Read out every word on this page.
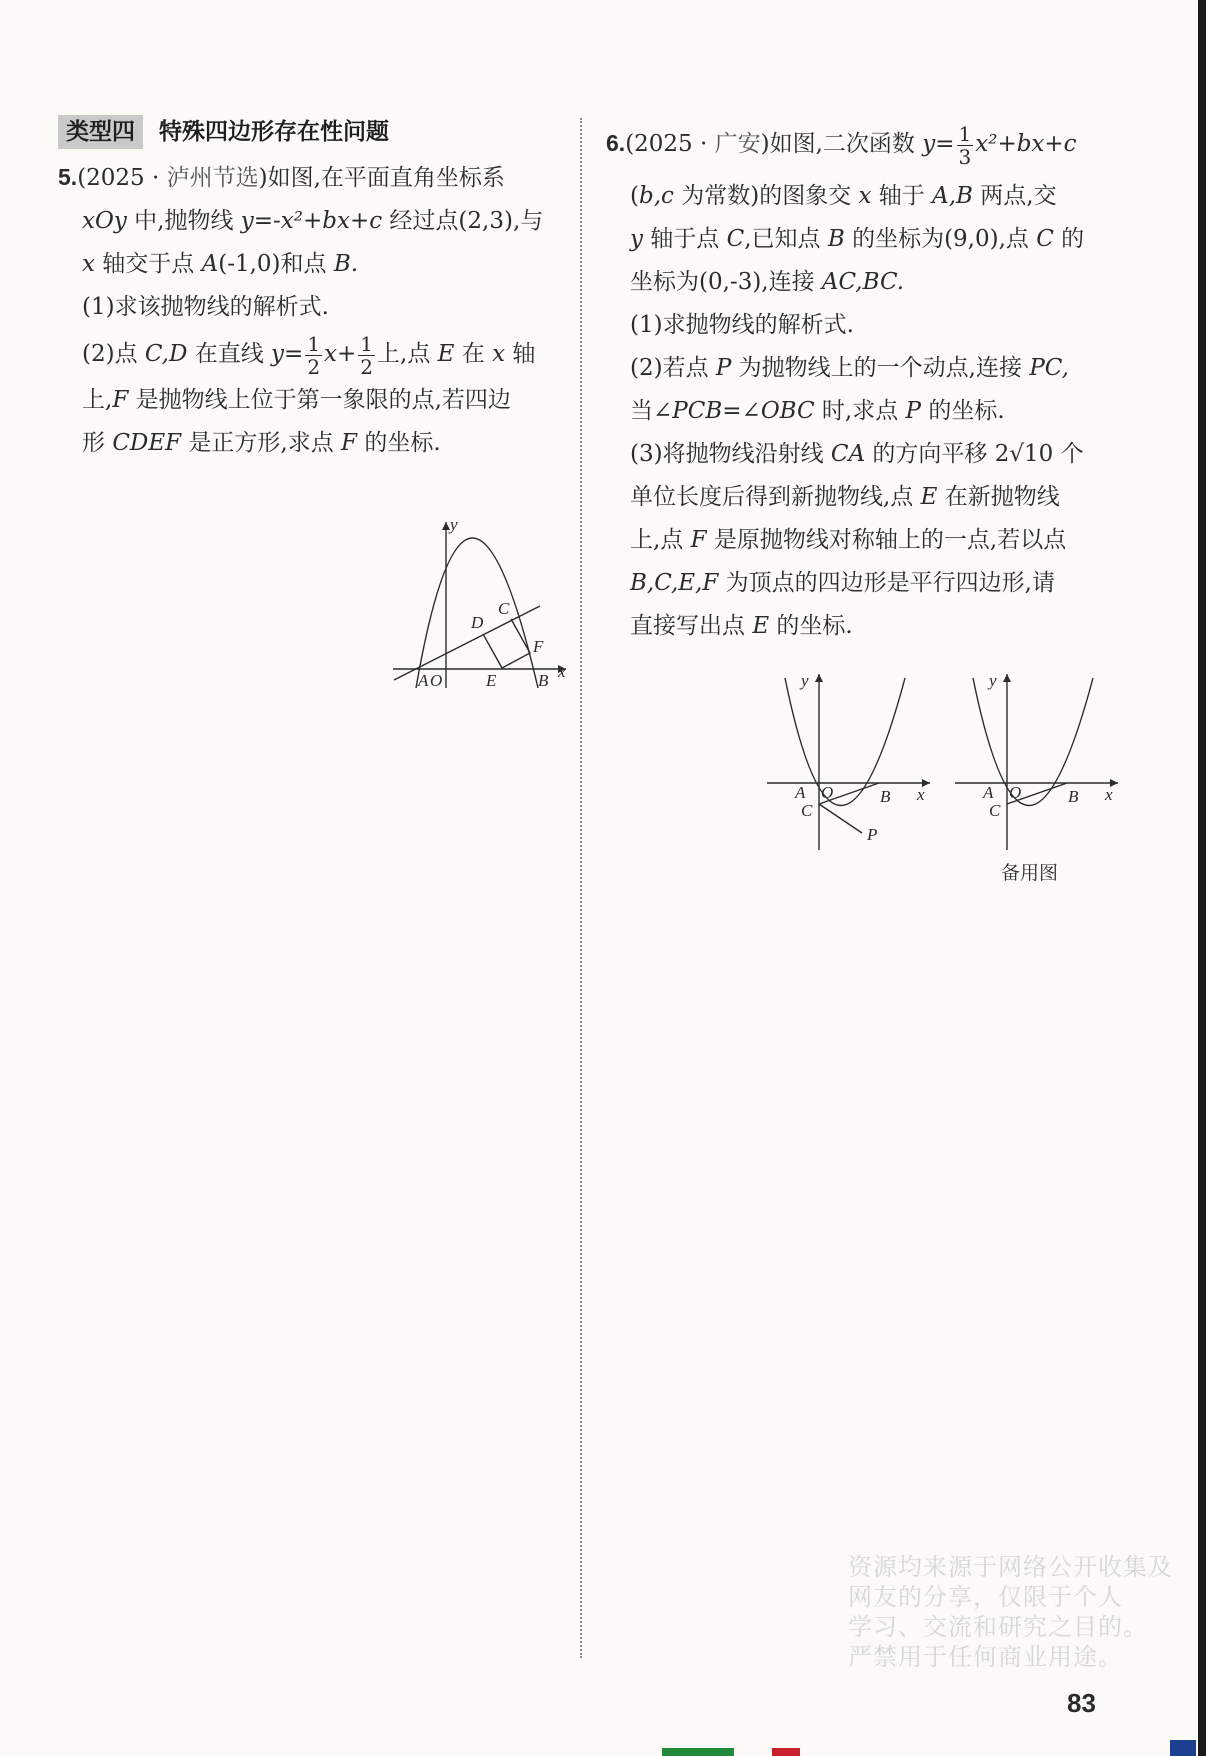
类型四	特殊四边形存在性问题
5.(2025 · 泸州节选)如图,在平面直角坐标系
xOy 中,抛物线 y=-x²+bx+c 经过点(2,3),与
x 轴交于点 A(-1,0)和点 B.
(1)求该抛物线的解析式.
(2)点 C,D 在直线 $y= \frac{1}{2} x+ \frac{1}{2}$ 上,点 E 在 x 轴
上,F 是抛物线上位于第一象限的点,若四边
形 CDEF 是正方形,求点 F 的坐标.
y
x
A O	E B
D
C
F
6.(2025 · 广安)如图,二次函数 $y= \frac{1}{3} x^2+bx+c$
(b,c 为常数)的图象交 x 轴于 A,B 两点,交
y 轴于点 C,已知点 B 的坐标为(9,0),点 C 的
坐标为(0,-3),连接 AC,BC.
(1)求抛物线的解析式.
(2)若点 P 为抛物线上的一个动点,连接 PC,
当∠PCB=∠OBC 时,求点 P 的坐标.
(3)将抛物线沿射线 CA 的方向平移 2√10 个
单位长度后得到新抛物线,点 E 在新抛物线
上,点 F 是原抛物线对称轴上的一点,若以点
B,C,E,F 为顶点的四边形是平行四边形,请
直接写出点 E 的坐标.
y
x
A O	B
C
P
y
x
A O	B
C
备用图
资源均来源于网络公开收集及
网友的分享，仅限于个人
学习、交流和研究之目的。
严禁用于任何商业用途。
83
